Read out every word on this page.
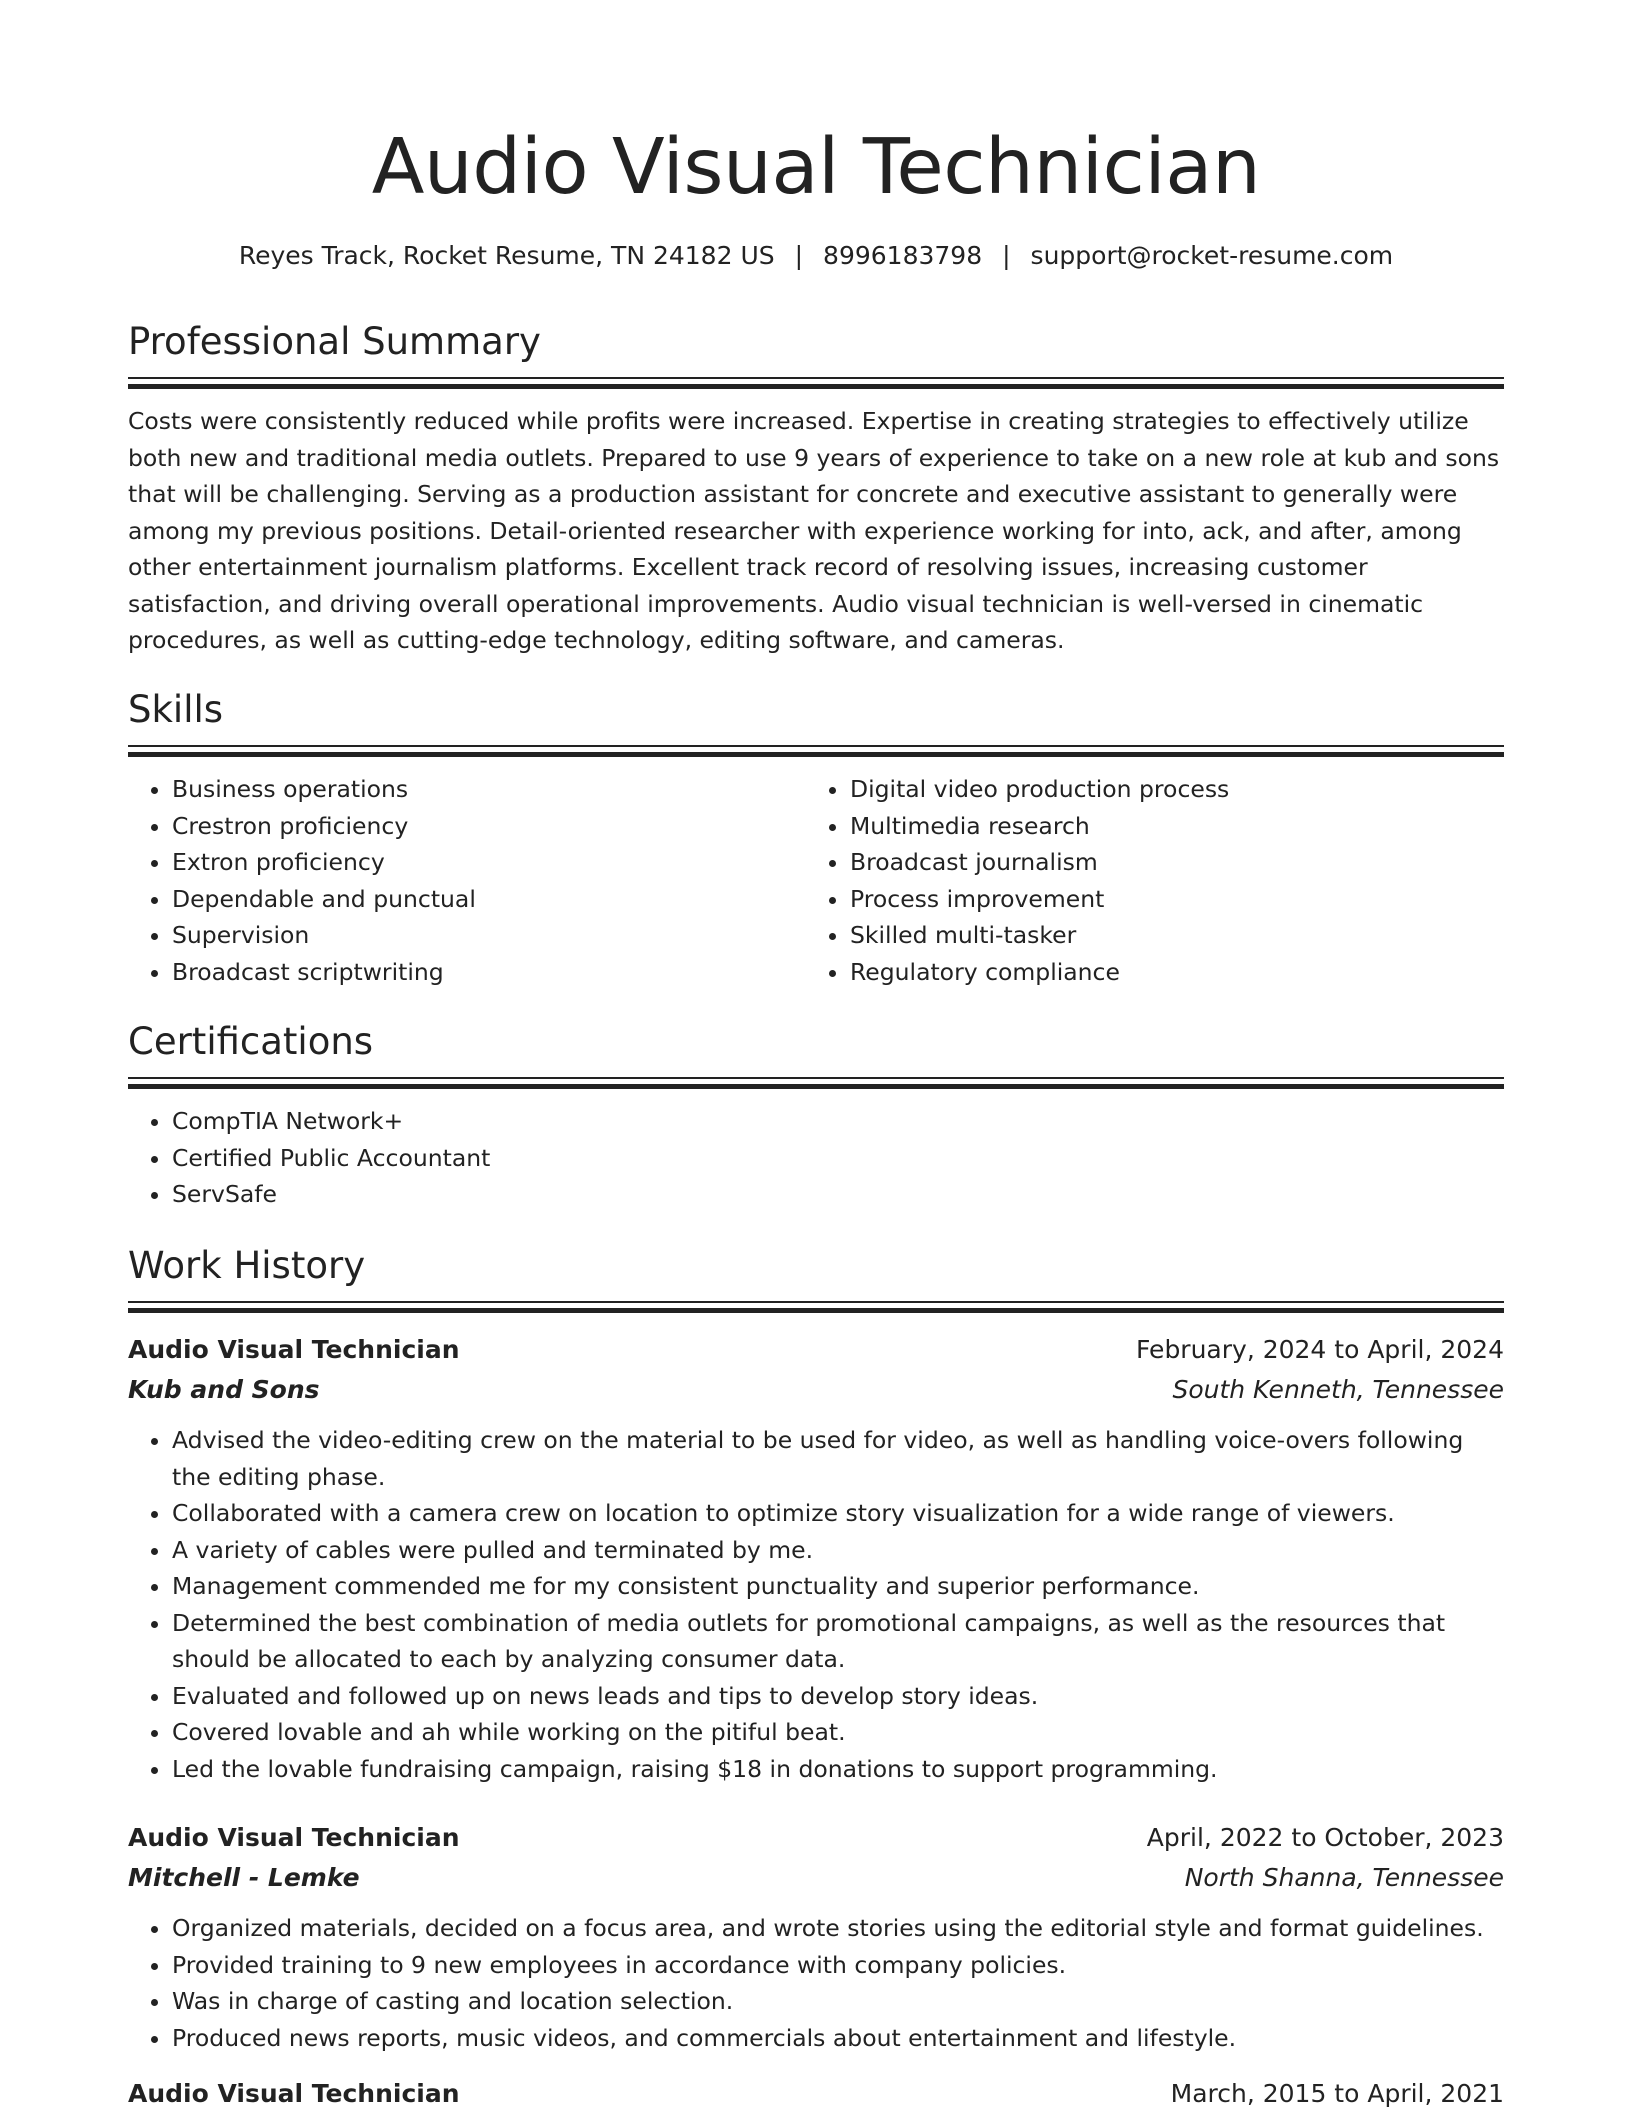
Audio Visual Technician
Reyes Track, Rocket Resume, TN 24182 US | 8996183798 | support@rocket-resume.com
Professional Summary
Costs were consistently reduced while profits were increased. Expertise in creating strategies to effectively utilize both new and traditional media outlets. Prepared to use 9 years of experience to take on a new role at kub and sons that will be challenging. Serving as a production assistant for concrete and executive assistant to generally were among my previous positions. Detail-oriented researcher with experience working for into, ack, and after, among other entertainment journalism platforms. Excellent track record of resolving issues, increasing customer satisfaction, and driving overall operational improvements. Audio visual technician is well-versed in cinematic procedures, as well as cutting-edge technology, editing software, and cameras.
Skills
• Business operations
• Crestron proficiency
• Extron proficiency
• Dependable and punctual
• Supervision
• Broadcast scriptwriting
• Digital video production process
• Multimedia research
• Broadcast journalism
• Process improvement
• Skilled multi-tasker
• Regulatory compliance
Certifications
• CompTIA Network+
• Certified Public Accountant
• ServSafe
Work History
Audio Visual Technician	February, 2024 to April, 2024
Kub and Sons	South Kenneth, Tennessee
• Advised the video-editing crew on the material to be used for video, as well as handling voice-overs following the editing phase.
• Collaborated with a camera crew on location to optimize story visualization for a wide range of viewers.
• A variety of cables were pulled and terminated by me.
• Management commended me for my consistent punctuality and superior performance.
• Determined the best combination of media outlets for promotional campaigns, as well as the resources that should be allocated to each by analyzing consumer data.
• Evaluated and followed up on news leads and tips to develop story ideas.
• Covered lovable and ah while working on the pitiful beat.
• Led the lovable fundraising campaign, raising $18 in donations to support programming.
Audio Visual Technician	April, 2022 to October, 2023
Mitchell - Lemke	North Shanna, Tennessee
• Organized materials, decided on a focus area, and wrote stories using the editorial style and format guidelines.
• Provided training to 9 new employees in accordance with company policies.
• Was in charge of casting and location selection.
• Produced news reports, music videos, and commercials about entertainment and lifestyle.
Audio Visual Technician	March, 2015 to April, 2021
